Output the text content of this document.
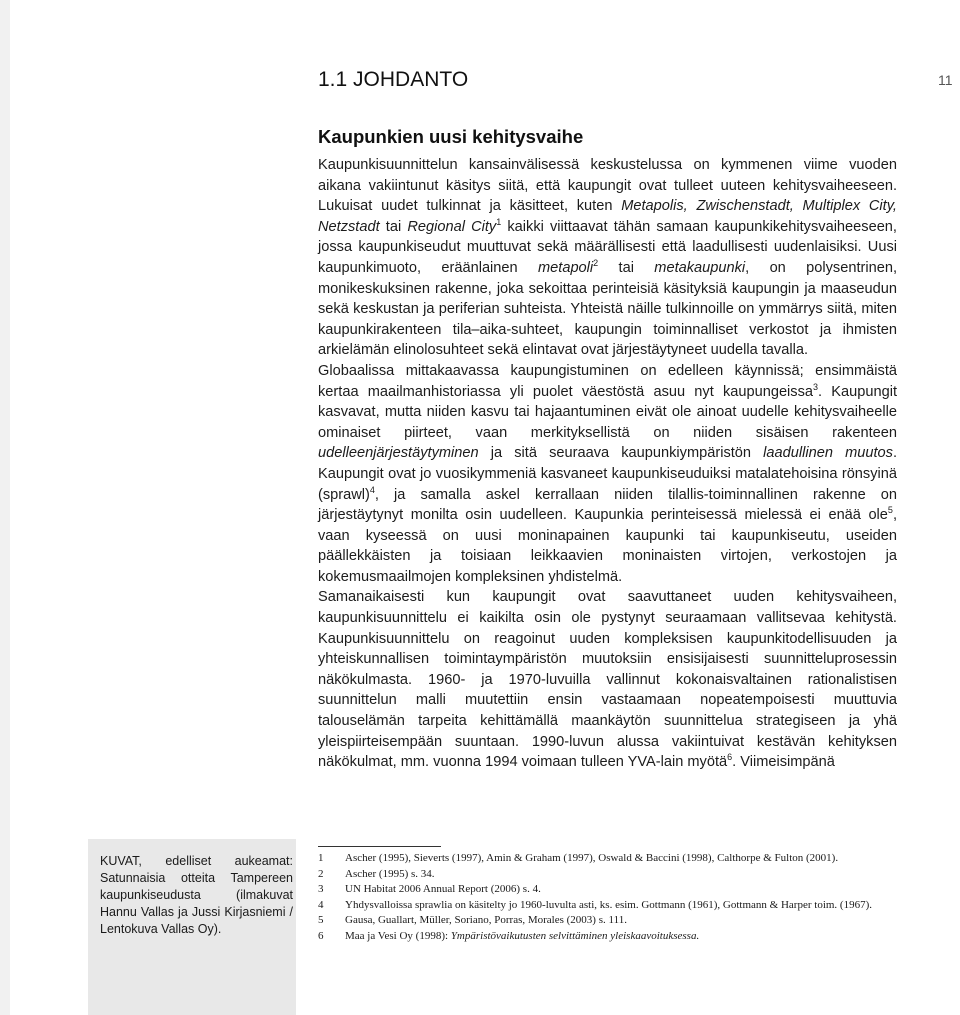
1.1 JOHDANTO	11
Kaupunkien uusi kehitysvaihe

Kaupunkisuunnittelun kansainvälisessä keskustelussa on kymmenen viime vuoden aikana vakiintunut käsitys siitä, että kaupungit ovat tulleet uuteen kehitysvaiheeseen. Lukuisat uudet tulkinnat ja käsitteet, kuten Metapolis, Zwischenstadt, Multiplex City, Netzstadt tai Regional City$^1$ kaikki viittaavat tähän samaan kaupunkikehitysvaiheeseen, jossa kaupunkiseudut muuttuvat sekä määrällisesti että laadullisesti uudenlaisiksi. Uusi kaupunkimuoto, eräänlainen metapoli$^2$ tai metakaupunki, on polysentrinen, monikeskuksinen rakenne, joka sekoittaa perinteisiä käsityksiä kaupungin ja maaseudun sekä keskustan ja periferian suhteista. Yhteistä näille tulkinnoille on ymmärrys siitä, miten kaupunkirakenteen tila–aika-suhteet, kaupungin toiminnalliset verkostot ja ihmisten arkielämän elinolosuhteet sekä elintavat ovat järjestäytyneet uudella tavalla.

Globaalissa mittakaavassa kaupungistuminen on edelleen käynnissä; ensimmäistä kertaa maailmanhistoriassa yli puolet väestöstä asuu nyt kaupungeissa$^3$. Kaupungit kasvavat, mutta niiden kasvu tai hajaantuminen eivät ole ainoat uudelle kehitysvaiheelle ominaiset piirteet, vaan merkityksellistä on niiden sisäisen rakenteen udelleenjärjestäytyminen ja sitä seuraava kaupunkiympäristön laadullinen muutos. Kaupungit ovat jo vuosikymmeniä kasvaneet kaupunkiseuduiksi matalatehoisina rönsyinä (sprawl)$^4$, ja samalla askel kerrallaan niiden tilallis-toiminnallinen rakenne on järjestäytynyt monilta osin uudelleen. Kaupunkia perinteisessä mielessä ei enää ole$^5$, vaan kyseessä on uusi moninapainen kaupunki tai kaupunkiseutu, useiden päällekkäisten ja toisiaan leikkaavien moninaisten virtojen, verkostojen ja kokemusmaailmojen kompleksinen yhdistelmä.

Samanaikaisesti kun kaupungit ovat saavuttaneet uuden kehitysvaiheen, kaupunkisuunnittelu ei kaikilta osin ole pystynyt seuraamaan vallitsevaa kehitystä. Kaupunkisuunnittelu on reagoinut uuden kompleksisen kaupunkitodellisuuden ja yhteiskunnallisen toimintaympäristön muutoksiin ensisijaisesti suunnitteluprosessin näkökulmasta. 1960- ja 1970-luvuilla vallinnut kokonaisvaltainen rationalistisen suunnittelun malli muutettiin ensin vastaamaan nopeatempoisesti muuttuvia talouselämän tarpeita kehittämällä maankäytön suunnittelua strategiseen ja yhä yleispiirteisempään suuntaan. 1990-luvun alussa vakiintuivat kestävän kehityksen näkökulmat, mm. vuonna 1994 voimaan tulleen YVA-lain myötä$^6$. Viimeisimpänä

KUVAT, edelliset aukeamat: Satunnaisia otteita Tampereen kaupunkiseudusta (ilmakuvat Hannu Vallas ja Jussi Kirjasniemi / Lentokuva Vallas Oy).
1	Ascher (1995), Sieverts (1997), Amin & Graham (1997), Oswald & Baccini (1998), Calthorpe & Fulton (2001).
2	Ascher (1995) s. 34.
3	UN Habitat 2006 Annual Report (2006) s. 4.
4	Yhdysvalloissa sprawlia on käsitelty jo 1960-luvulta asti, ks. esim. Gottmann (1961), Gottmann & Harper toim. (1967).
5	Gausa, Guallart, Müller, Soriano, Porras, Morales (2003) s. 111.
6	Maa ja Vesi Oy (1998): Ympäristövaikutusten selvittäminen yleiskaavoituksessa.
